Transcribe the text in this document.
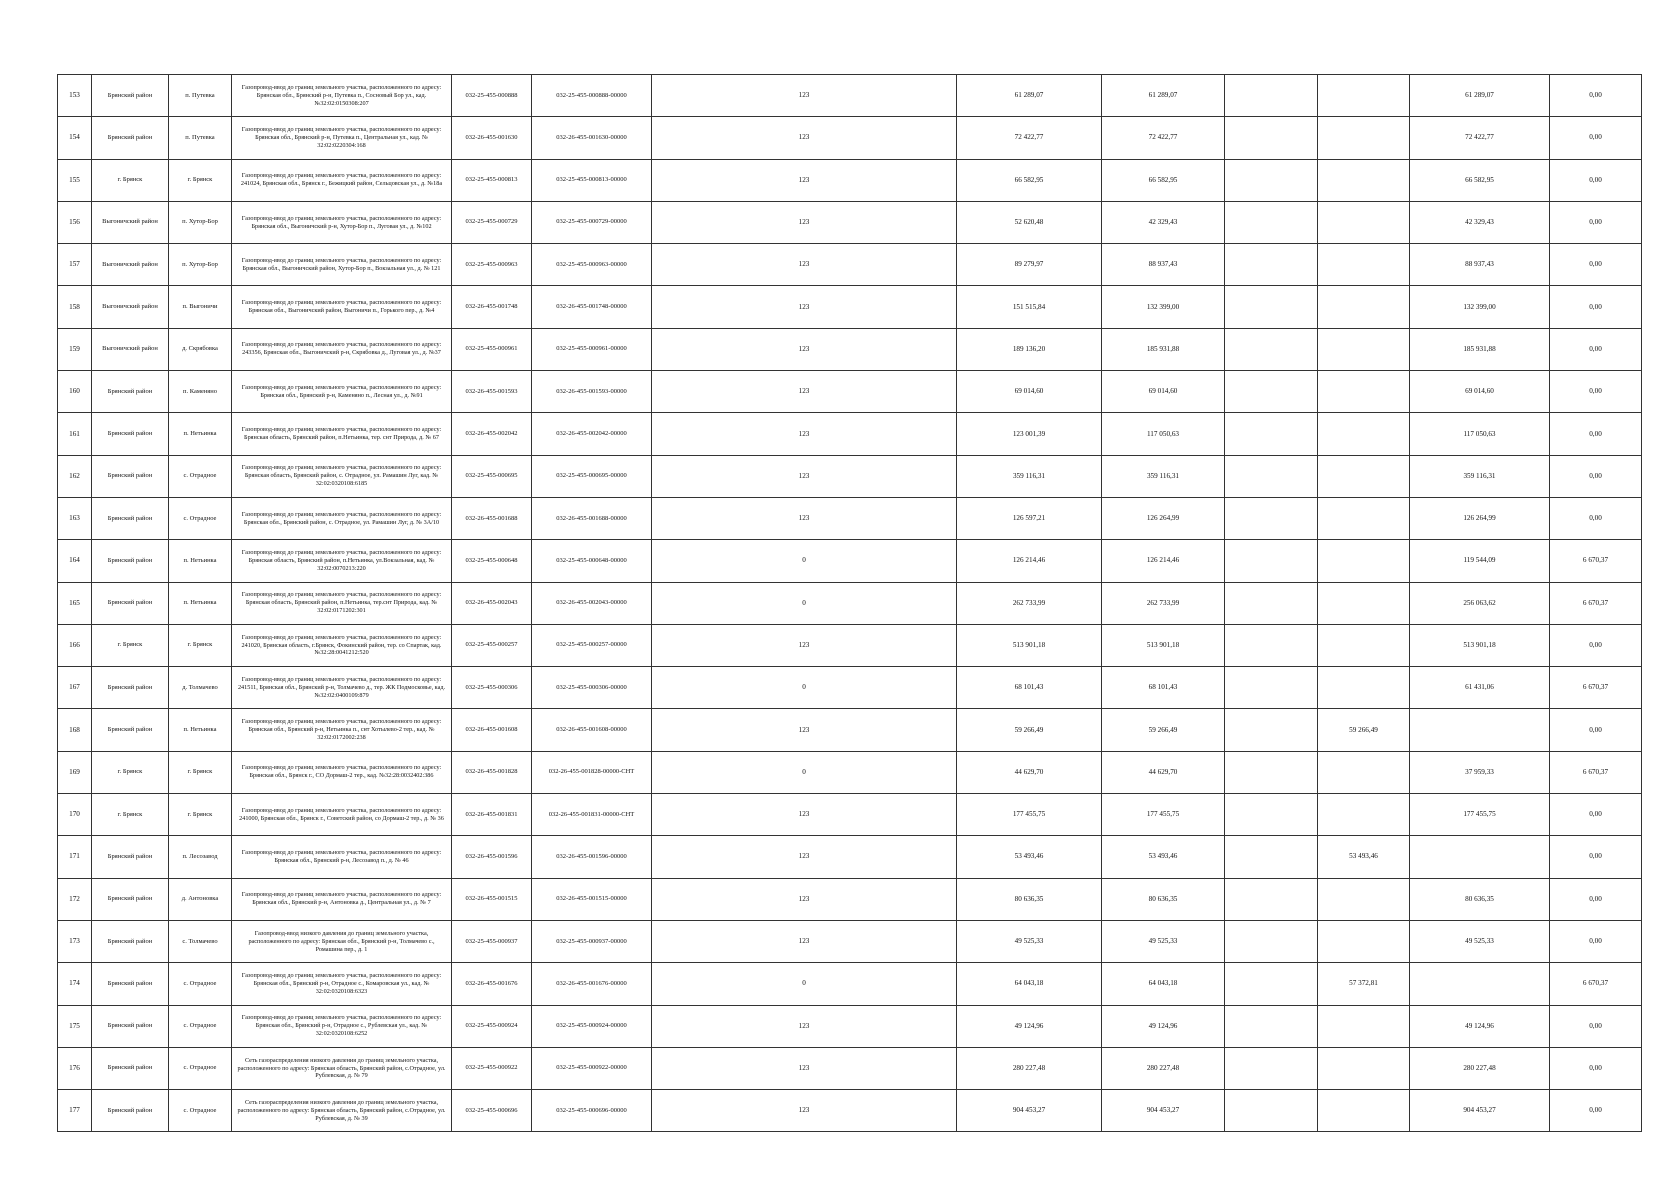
153	Брянский район	п. Путевка	Газопровод-ввод до границ земельного участка, расположенного по адресу: Брянская обл., Брянский р-н, Путевка п., Сосновый Бор ул., кад. №32:02:0150308:207	032-25-455-000888	032-25-455-000888-00000	123	61 289,07	61 289,07			61 289,07	0,00
154	Брянский район	п. Путевка	Газопровод-ввод до границ земельного участка, расположенного по адресу: Брянская обл., Брянский р-н, Путевка п., Центральная ул., кад. № 32:02:0220304:168	032-26-455-001630	032-26-455-001630-00000	123	72 422,77	72 422,77			72 422,77	0,00
155	г. Брянск	г. Брянск	Газопровод-ввод до границ земельного участка, расположенного по адресу: 241024, Брянская обл., Брянск г., Бежицкий район, Сельцовская ул., д. №18а	032-25-455-000813	032-25-455-000813-00000	123	66 582,95	66 582,95			66 582,95	0,00
156	Выгоничский район	п. Хутор-Бор	Газопровод-ввод до границ земельного участка, расположенного по адресу: Брянская обл., Выгоничский р-н, Хутор-Бор п., Луговая ул., д. №102	032-25-455-000729	032-25-455-000729-00000	123	52 620,48	42 329,43			42 329,43	0,00
157	Выгоничский район	п. Хутор-Бор	Газопровод-ввод до границ земельного участка, расположенного по адресу: Брянская обл., Выгоничский район, Хутор-Бор п., Вокзальная ул., д. № 121	032-25-455-000963	032-25-455-000963-00000	123	89 279,97	88 937,43			88 937,43	0,00
158	Выгоничский район	п. Выгоничи	Газопровод-ввод до границ земельного участка, расположенного по адресу: Брянская обл., Выгоничский район, Выгоничи п., Горького пер., д. №4	032-26-455-001748	032-26-455-001748-00000	123	151 515,84	132 399,00			132 399,00	0,00
159	Выгоничский район	д. Скрябовка	Газопровод-ввод до границ земельного участка, расположенного по адресу: 243356, Брянская обл., Выгоничский р-н, Скрябовка д., Луговая ул., д. №37	032-25-455-000961	032-25-455-000961-00000	123	189 136,20	185 931,88			185 931,88	0,00
160	Брянский район	п. Каменяно	Газопровод-ввод до границ земельного участка, расположенного по адресу: Брянская обл., Брянский р-н, Каменяно п., Лесная ул., д. №91	032-26-455-001593	032-26-455-001593-00000	123	69 014,60	69 014,60			69 014,60	0,00
161	Брянский район	п. Нетьинка	Газопровод-ввод до границ земельного участка, расположенного по адресу: Брянская область, Брянский район, п.Нетьинка, тер. снт Природа, д. № 67	032-26-455-002042	032-26-455-002042-00000	123	123 001,39	117 050,63			117 050,63	0,00
162	Брянский район	с. Отрадное	Газопровод-ввод до границ земельного участка, расположенного по адресу: Брянская область, Брянский район, с. Отрадное, ул. Рамашин Луг, кад. № 32:02:0320108:6185	032-25-455-000695	032-25-455-000695-00000	123	359 116,31	359 116,31			359 116,31	0,00
163	Брянский район	с. Отрадное	Газопровод-ввод до границ земельного участка, расположенного по адресу: Брянская обл., Брянский район, с. Отрадное, ул. Рамашин Луг, д. № 3А/10	032-26-455-001688	032-26-455-001688-00000	123	126 597,21	126 264,99			126 264,99	0,00
164	Брянский район	п. Нетьинка	Газопровод-ввод до границ земельного участка, расположенного по адресу: Брянская область, Брянский район, п.Нетьинка, ул.Вокзальная, кад. № 32:02:0070213:220	032-25-455-000648	032-25-455-000648-00000	0	126 214,46	126 214,46			119 544,09	6 670,37
165	Брянский район	п. Нетьинка	Газопровод-ввод до границ земельного участка, расположенного по адресу: Брянская область, Брянский район, п.Нетьинка, тер.снт Природа, кад. № 32:02:0171202:301	032-26-455-002043	032-26-455-002043-00000	0	262 733,99	262 733,99			256 063,62	6 670,37
166	г. Брянск	г. Брянск	Газопровод-ввод до границ земельного участка, расположенного по адресу: 241020, Брянская область, г.Брянск, Фокинский район, тер. со Спартак, кад. №32:28:0041212:520	032-25-455-000257	032-25-455-000257-00000	123	513 901,18	513 901,18			513 901,18	0,00
167	Брянский район	д. Толмачево	Газопровод-ввод до границ земельного участка, расположенного по адресу: 241511, Брянская обл., Брянский р-н, Толмачево д., тер. ЖК Подмосковье, кад. №32:02:0400109:879	032-25-455-000306	032-25-455-000306-00000	0	68 101,43	68 101,43			61 431,06	6 670,37
168	Брянский район	п. Нетьинка	Газопровод-ввод до границ земельного участка, расположенного по адресу: Брянская обл., Брянский р-н, Нетьинка п., снт Хотылево-2 тер., кад. № 32:02:0172002:238	032-26-455-001608	032-26-455-001608-00000	123	59 266,49	59 266,49		59 266,49		0,00
169	г. Брянск	г. Брянск	Газопровод-ввод до границ земельного участка, расположенного по адресу: Брянская обл., Брянск г., СО Дормаш-2 тер., кад. №32:28:0032402:386	032-26-455-001828	032-26-455-001828-00000-СНТ	0	44 629,70	44 629,70			37 959,33	6 670,37
170	г. Брянск	г. Брянск	Газопровод-ввод до границ земельного участка, расположенного по адресу: 241000, Брянская обл., Брянск г., Советский район, со Дормаш-2 тер., д. № 36	032-26-455-001831	032-26-455-001831-00000-СНТ	123	177 455,75	177 455,75			177 455,75	0,00
171	Брянский район	п. Лесозавод	Газопровод-ввод до границ земельного участка, расположенного по адресу: Брянская обл., Брянский р-н, Лесозавод п., д. № 46	032-26-455-001596	032-26-455-001596-00000	123	53 493,46	53 493,46		53 493,46		0,00
172	Брянский район	д. Антоновка	Газопровод-ввод до границ земельного участка, расположенного по адресу: Брянская обл., Брянский р-н, Антоновка д., Центральная ул., д. № 7	032-26-455-001515	032-26-455-001515-00000	123	80 636,35	80 636,35			80 636,35	0,00
173	Брянский район	с. Толмачево	Газопровод-ввод низкого давления до границ земельного участка, расположенного по адресу: Брянская обл., Брянский р-н, Толмачево с., Ромашина пер., д. 1	032-25-455-000937	032-25-455-000937-00000	123	49 525,33	49 525,33			49 525,33	0,00
174	Брянский район	с. Отрадное	Газопровод-ввод до границ земельного участка, расположенного по адресу: Брянская обл., Брянский р-н, Отрадное с., Комаровская ул., кад. № 32:02:0320108:6323	032-26-455-001676	032-26-455-001676-00000	0	64 043,18	64 043,18		57 372,81		6 670,37
175	Брянский район	с. Отрадное	Газопровод-ввод до границ земельного участка, расположенного по адресу: Брянская обл., Брянский р-н, Отрадное с., Рублевская ул., кад. № 32:02:0320108:6252	032-25-455-000924	032-25-455-000924-00000	123	49 124,96	49 124,96			49 124,96	0,00
176	Брянский район	с. Отрадное	Сеть газораспределения низкого давления до границ земельного участка, расположенного по адресу: Брянская область, Брянский район, с.Отрадное, ул. Рублевская, д. № 79	032-25-455-000922	032-25-455-000922-00000	123	280 227,48	280 227,48			280 227,48	0,00
177	Брянский район	с. Отрадное	Сеть газораспределения низкого давления до границ земельного участка, расположенного по адресу: Брянская область, Брянский район, с.Отрадное, ул. Рублевская, д. № 39	032-25-455-000696	032-25-455-000696-00000	123	904 453,27	904 453,27			904 453,27	0,00
